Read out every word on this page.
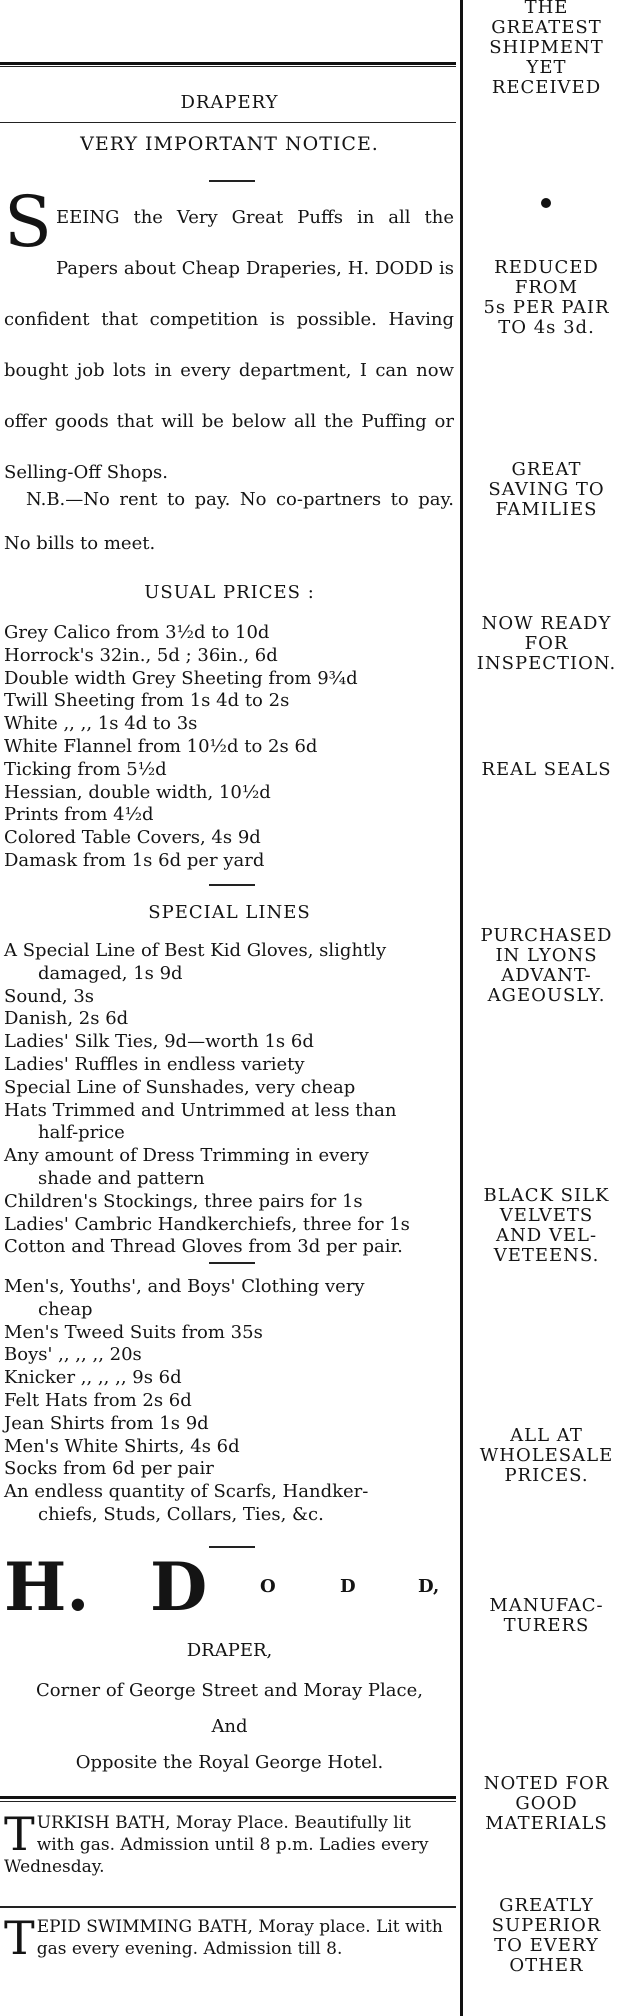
DRAPERY
VERY IMPORTANT NOTICE.
SEEING the Very Great Puffs in all the Papers about Cheap Draperies, H. DODD is confident that competition is possible. Having bought job lots in every department, I can now offer goods that will be below all the Puffing or Selling-Off Shops.
N.B.—No rent to pay. No co-partners to pay. No bills to meet.
USUAL PRICES :
Grey Calico from 3½d to 10d
Horrock's 32in., 5d ; 36in., 6d
Double width Grey Sheeting from 9¾d
Twill Sheeting from 1s 4d to 2s
White ,, ,, 1s 4d to 3s
White Flannel from 10½d to 2s 6d
Ticking from 5½d
Hessian, double width, 10½d
Prints from 4½d
Colored Table Covers, 4s 9d
Damask from 1s 6d per yard
SPECIAL LINES
A Special Line of Best Kid Gloves, slightly
damaged, 1s 9d
Sound, 3s
Danish, 2s 6d
Ladies' Silk Ties, 9d—worth 1s 6d
Ladies' Ruffles in endless variety
Special Line of Sunshades, very cheap
Hats Trimmed and Untrimmed at less than
half-price
Any amount of Dress Trimming in every
shade and pattern
Children's Stockings, three pairs for 1s
Ladies' Cambric Handkerchiefs, three for 1s
Cotton and Thread Gloves from 3d per pair.
Men's, Youths', and Boys' Clothing very
cheap
Men's Tweed Suits from 35s
Boys' ,, ,, ,, 20s
Knicker ,, ,, ,, 9s 6d
Felt Hats from 2s 6d
Jean Shirts from 1s 9d
Men's White Shirts, 4s 6d
Socks from 6d per pair
An endless quantity of Scarfs, Handker-
chiefs, Studs, Collars, Ties, &c.
H. D	O	D	D,
DRAPER,
Corner of George Street and Moray Place,
And
Opposite the Royal George Hotel.
TURKISH BATH, Moray Place. Beautifully lit with gas. Admission until 8 p.m. Ladies every Wednesday.
TEPID SWIMMING BATH, Moray place. Lit with gas every evening. Admission till 8.
THE
GREATEST
SHIPMENT
YET
RECEIVED
REDUCED
FROM
5s PER PAIR
TO 4s 3d.
GREAT
SAVING TO
FAMILIES
NOW READY
FOR
INSPECTION.
REAL SEALS
PURCHASED
IN LYONS
ADVANT-
AGEOUSLY.
BLACK SILK
VELVETS
AND VEL-
VETEENS.
ALL AT
WHOLESALE
PRICES.
MANUFAC-
TURERS
NOTED FOR
GOOD
MATERIALS
GREATLY
SUPERIOR
TO EVERY
OTHER
